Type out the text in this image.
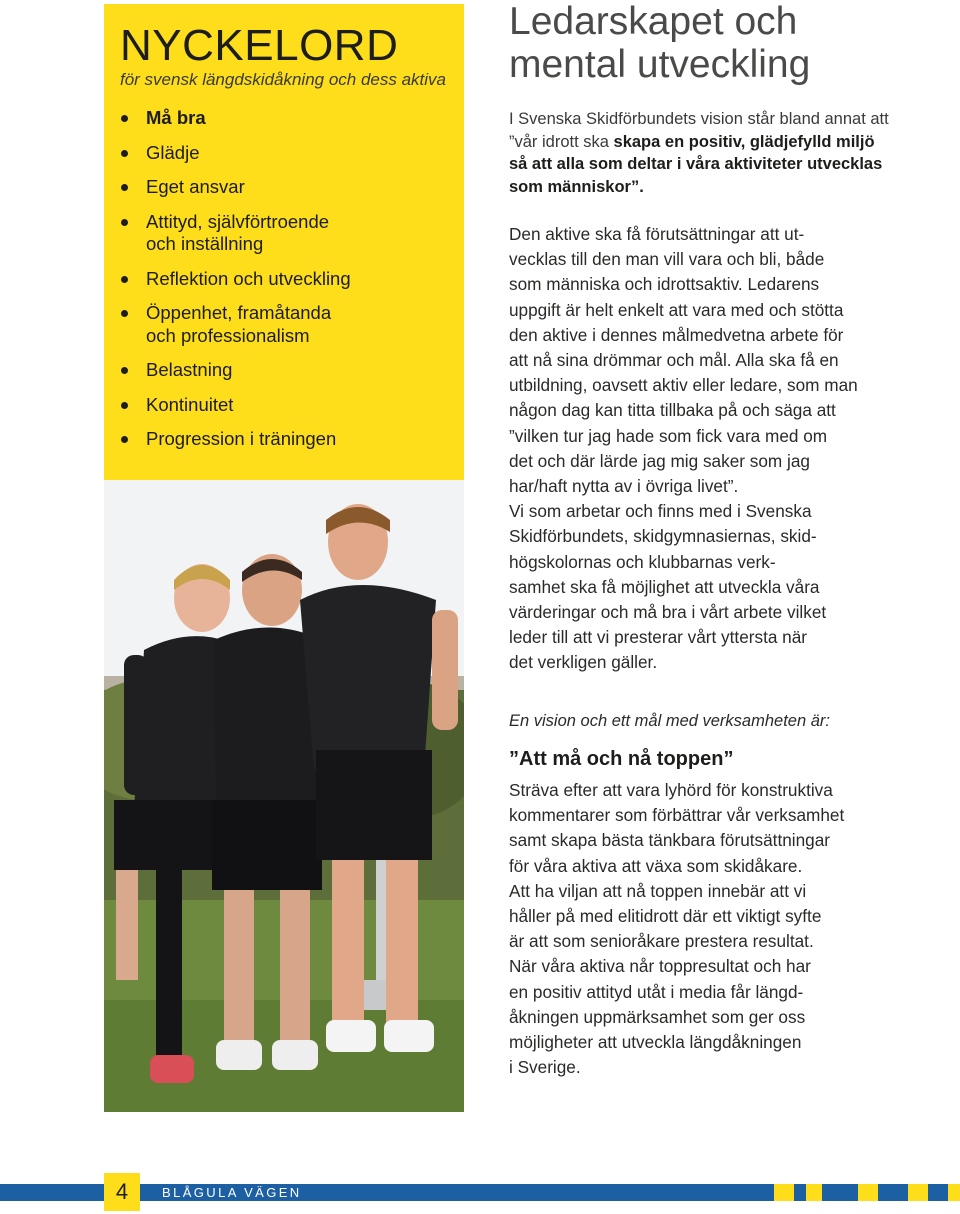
NYCKELORD
för svensk längdskidåkning och dess aktiva
Må bra
Glädje
Eget ansvar
Attityd, självförtroende
och inställning
Reflektion och utveckling
Öppenhet, framåtanda
och professionalism
Belastning
Kontinuitet
Progression i träningen
Ledarskapet och
mental utveckling
I Svenska Skidförbundets vision står bland annat att ”vår idrott ska skapa en positiv, glädjefylld miljö så att alla som deltar i våra aktiviteter utvecklas som människor”.
Den aktive ska få förutsättningar att ut-
vecklas till den man vill vara och bli, både
som människa och idrottsaktiv. Ledarens
uppgift är helt enkelt att vara med och stötta
den aktive i dennes målmedvetna arbete för
att nå sina drömmar och mål. Alla ska få en
utbildning, oavsett aktiv eller ledare, som man
någon dag kan titta tillbaka på och säga att
”vilken tur jag hade som fick vara med om
det och där lärde jag mig saker som jag
har/haft nytta av i övriga livet”.
Vi som arbetar och finns med i Svenska
Skidförbundets, skidgymnasiernas, skid-
högskolornas och klubbarnas verk-
samhet ska få möjlighet att utveckla våra
värderingar och må bra i vårt arbete vilket
leder till att vi presterar vårt yttersta när
det verkligen gäller.
En vision och ett mål med verksamheten är:
”Att må och nå toppen”
Sträva efter att vara lyhörd för konstruktiva
kommentarer som förbättrar vår verksamhet
samt skapa bästa tänkbara förutsättningar
för våra aktiva att växa som skidåkare.
Att ha viljan att nå toppen innebär att vi
håller på med elitidrott där ett viktigt syfte
är att som senioråkare prestera resultat.
När våra aktiva når toppresultat och har
en positiv attityd utåt i media får längd-
åkningen uppmärksamhet som ger oss
möjligheter att utveckla längdåkningen
i Sverige.
4	BLÅGULA VÄGEN
